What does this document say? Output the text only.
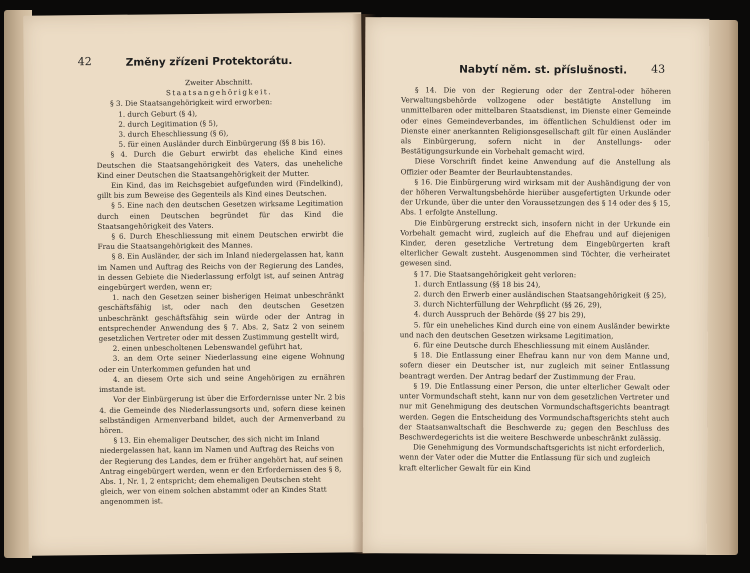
42	Změny zřízeni Protektorátu.

Zweiter Abschnitt.

Staatsangehörigkeit.

§ 3. Die Staatsangehörigkeit wird erworben:

1. durch Geburt (§ 4),

2. durch Legitimation (§ 5),

3. durch Eheschliessung (§ 6),

5. für einen Ausländer durch Einbürgerung (§§ 8 bis 16).

§ 4. Durch die Geburt erwirbt das eheliche Kind eines Deutschen die Staatsangehörigkeit des Vaters, das uneheliche Kind einer Deutschen die Staatsangehörigkeit der Mutter.

Ein Kind, das im Reichsgebiet aufgefunden wird (Findelkind), gillt bis zum Beweise des Gegenteils als Kind eines Deutschen.

§ 5. Eine nach den deutschen Gesetzen wirksame Legitimation durch einen Deutschen begründet für das Kind die Staatsangehörigkeit des Vaters.

§ 6. Durch Eheschliessung mit einem Deutschen erwirbt die Frau die Staatsangehörigkeit des Mannes.

§ 8. Ein Ausländer, der sich im Inland niedergelassen hat, kann im Namen und Auftrag des Reichs von der Regierung des Landes, in dessen Gebiete die Niederlassung erfolgt ist, auf seinen Antrag eingebürgert werden, wenn er;

1. nach den Gesetzen seiner bisherigen Heimat unbeschränkt geschäftsfähig ist, oder nach den deutschen Gesetzen unbeschränkt geschäftsfähig sein würde oder der Antrag in entsprechender Anwendung des § 7. Abs. 2, Satz 2 von seinem gesetzlichen Vertreter oder mit dessen Zustimmung gestellt wird,

2. einen unbescholtenen Lebenswandel geführt hat,

3. an dem Orte seiner Niederlassung eine eigene Wohnung oder ein Unterkommen gefunden hat und

4. an diesem Orte sich und seine Angehörigen zu ernähren imstande ist.

Vor der Einbürgerung ist über die Erfordernisse unter Nr. 2 bis 4. die Gemeinde des Niederlassungsorts und, sofern diese keinen selbständigen Armenverband bildet, auch der Armenverband zu hören.

§ 13. Ein ehemaliger Deutscher, des sich nicht im Inland niedergelassen hat, kann im Namen und Auftrag des Reichs von der Regierung des Landes, dem er früher angehört hat, auf seinen Antrag eingebürgert werden, wenn er den Erfordernissen des § 8, Abs. 1, Nr. 1, 2 entspricht; dem ehemaligen Deutschen steht gleich, wer von einem solchen abstammt oder an Kindes Statt angenommen ist.

Nabytí něm. st. příslušnosti. 43

§ 14. Die von der Regierung oder der Zentral-oder höheren Verwaltungsbehörde vollzogene oder bestätigte Anstellung im unmittelbaren oder mittelbaren Staatsdienst, im Dienste einer Gemeinde oder eines Gemeindeverbandes, im öffentlichen Schuldienst oder im Dienste einer anerkannten Religionsgesellschaft gilt für einen Ausländer als Einbürgerung, sofern nicht in der Anstellungs- oder Bestätigungsurkunde ein Vorbehalt gemacht wird.

Diese Vorschrift findet keine Anwendung auf die Anstellung als Offizier oder Beamter der Beurlaubtenstandes.

§ 16. Die Einbürgerung wird wirksam mit der Aushändigung der von der höheren Verwaltungsbehörde hierüber ausgefertigten Urkunde oder der Urkunde, über die unter den Voraussetzungen des § 14 oder des § 15, Abs. 1 erfolgte Anstellung.

Die Einbürgerung erstreckt sich, insofern nicht in der Urkunde ein Vorbehalt gemacht wird, zugleich auf die Ehefrau und auf diejenigen Kinder, deren gesetzliche Vertretung dem Eingebürgerten kraft elterlicher Gewalt zusteht. Ausgenommen sind Töchter, die verheiratet gewesen sind.

§ 17. Die Staatsangehörigkeit geht verloren:

1. durch Entlassung (§§ 18 bis 24),

2. durch den Erwerb einer ausländischen Staatsangehörigkeit (§ 25),

3. durch Nichterfüllung der Wehrpflicht (§§ 26, 29),

4. durch Ausspruch der Behörde (§§ 27 bis 29),

5. für ein uneheliches Kind durch eine von einem Ausländer bewirkte und nach den deutschen Gesetzen wirksame Legitimation,

6. für eine Deutsche durch Eheschliessung mit einem Ausländer.

§ 18. Die Entlassung einer Ehefrau kann nur von dem Manne und, sofern dieser ein Deutscher ist, nur zugleich mit seiner Entlassung beantragt werden. Der Antrag bedarf der Zustimmung der Frau.

§ 19. Die Entlassung einer Person, die unter elterlicher Gewalt oder unter Vormundschaft steht, kann nur von dem gesetzlichen Vertreter und nur mit Genehmigung des deutschen Vormundschaftsgerichts beantragt werden. Gegen die Entscheidung des Vormundschaftsgerichts steht auch der Staatsanwaltschaft die Beschwerde zu; gegen den Beschluss des Beschwerdegerichts ist die weitere Beschwerde unbeschränkt zulässig.

Die Genehmigung des Vormundschaftsgerichts ist nicht erforderlich, wenn der Vater oder die Mutter die Entlassung für sich und zugleich kraft elterlicher Gewalt für ein Kind
